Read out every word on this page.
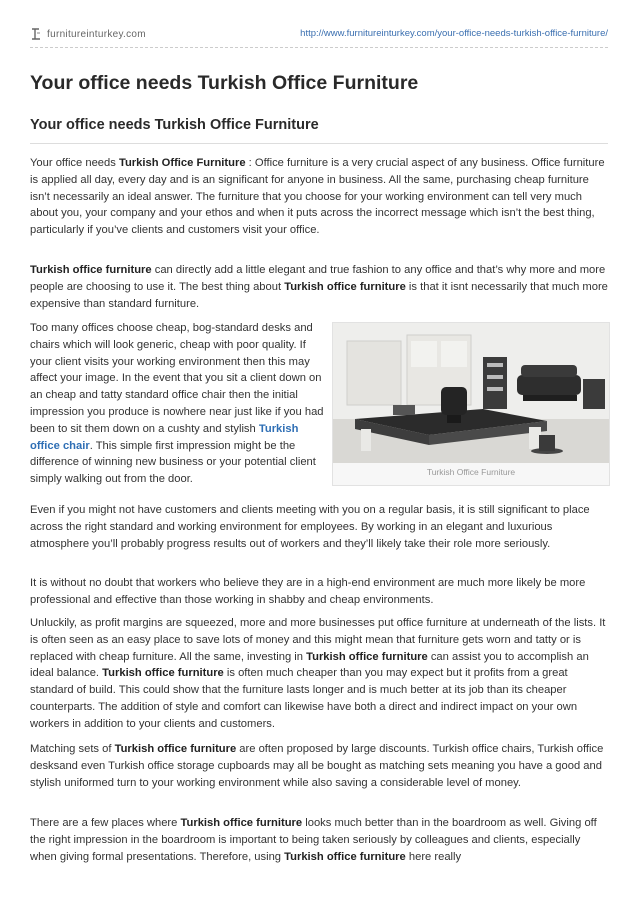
furnitureinturkey.com	http://www.furnitureinturkey.com/your-office-needs-turkish-office-furniture/
Your office needs Turkish Office Furniture
Your office needs Turkish Office Furniture

Your office needs Turkish Office Furniture : Office furniture is a very crucial aspect of any business. Office furniture is applied all day, every day and is an significant for anyone in business. All the same, purchasing cheap furniture isn’t necessarily an ideal answer. The furniture that you choose for your working environment can tell very much about you, your company and your ethos and when it puts across the incorrect message which isn’t the best thing, particularly if you’ve clients and customers visit your office.

Turkish office furniture can directly add a little elegant and true fashion to any office and that’s why more and more people are choosing to use it. The best thing about Turkish office furniture is that it isnt necessarily that much more expensive than standard furniture.

Too many offices choose cheap, bog-standard desks and chairs which will look generic, cheap with poor quality. If your client visits your working environment then this may affect your image. In the event that you sit a client down on an cheap and tatty standard office chair then the initial impression you produce is nowhere near just like if you had been to sit them down on a cushty and stylish Turkish office chair. This simple first impression might be the difference of winning new business or your potential client simply walking out from the door.

Turkish Office Furniture

Even if you might not have customers and clients meeting with you on a regular basis, it is still significant to place across the right standard and working environment for employees. By working in an elegant and luxurious atmosphere you’ll probably progress results out of workers and they’ll likely take their role more seriously.

It is without no doubt that workers who believe they are in a high-end environment are much more likely be more professional and effective than those working in shabby and cheap environments.

Unluckily, as profit margins are squeezed, more and more businesses put office furniture at underneath of the lists. It is often seen as an easy place to save lots of money and this might mean that furniture gets worn and tatty or is replaced with cheap furniture. All the same, investing in Turkish office furniture can assist you to accomplish an ideal balance. Turkish office furniture is often much cheaper than you may expect but it profits from a great standard of build. This could show that the furniture lasts longer and is much better at its job than its cheaper counterparts. The addition of style and comfort can likewise have both a direct and indirect impact on your own workers in addition to your clients and customers.

Matching sets of Turkish office furniture are often proposed by large discounts. Turkish office chairs, Turkish office desksand even Turkish office storage cupboards may all be bought as matching sets meaning you have a good and stylish uniformed turn to your working environment while also saving a considerable level of money.

There are a few places where Turkish office furniture looks much better than in the boardroom as well. Giving off the right impression in the boardroom is important to being taken seriously by colleagues and clients, especially when giving formal presentations. Therefore, using Turkish office furniture here really
